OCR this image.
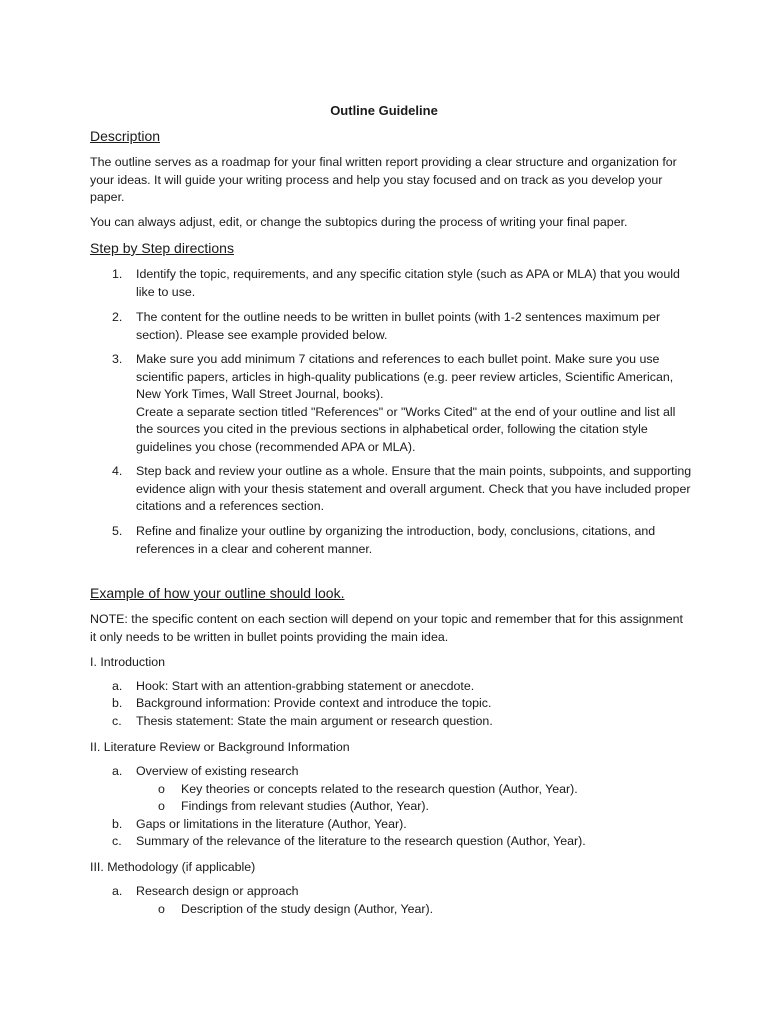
Outline Guideline
Description
The outline serves as a roadmap for your final written report providing a clear structure and organization for your ideas. It will guide your writing process and help you stay focused and on track as you develop your paper.
You can always adjust, edit, or change the subtopics during the process of writing your final paper.
Step by Step directions
1. Identify the topic, requirements, and any specific citation style (such as APA or MLA) that you would like to use.
2. The content for the outline needs to be written in bullet points (with 1-2 sentences maximum per section). Please see example provided below.
3. Make sure you add minimum 7 citations and references to each bullet point. Make sure you use scientific papers, articles in high-quality publications (e.g. peer review articles, Scientific American, New York Times, Wall Street Journal, books).
Create a separate section titled "References" or "Works Cited" at the end of your outline and list all the sources you cited in the previous sections in alphabetical order, following the citation style guidelines you chose (recommended APA or MLA).
4. Step back and review your outline as a whole. Ensure that the main points, subpoints, and supporting evidence align with your thesis statement and overall argument. Check that you have included proper citations and a references section.
5. Refine and finalize your outline by organizing the introduction, body, conclusions, citations, and references in a clear and coherent manner.
Example of how your outline should look.
NOTE: the specific content on each section will depend on your topic and remember that for this assignment it only needs to be written in bullet points providing the main idea.
I. Introduction
a. Hook: Start with an attention-grabbing statement or anecdote.
b. Background information: Provide context and introduce the topic.
c. Thesis statement: State the main argument or research question.
II. Literature Review or Background Information
a. Overview of existing research
o Key theories or concepts related to the research question (Author, Year).
o Findings from relevant studies (Author, Year).
b. Gaps or limitations in the literature (Author, Year).
c. Summary of the relevance of the literature to the research question (Author, Year).
III. Methodology (if applicable)
a. Research design or approach
o Description of the study design (Author, Year).
